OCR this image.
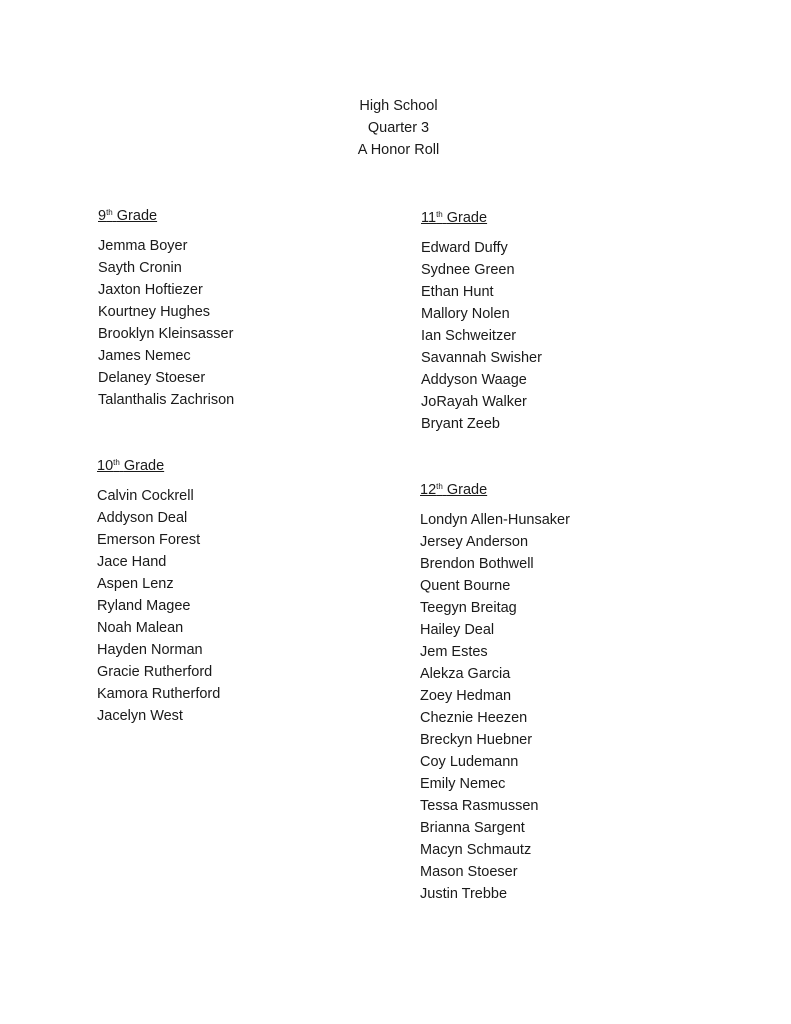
High School
Quarter 3
A Honor Roll
9th Grade
Jemma Boyer
Sayth Cronin
Jaxton Hoftiezer
Kourtney Hughes
Brooklyn Kleinsasser
James Nemec
Delaney Stoeser
Talanthalis Zachrison
10th Grade
Calvin Cockrell
Addyson Deal
Emerson Forest
Jace Hand
Aspen Lenz
Ryland Magee
Noah Malean
Hayden Norman
Gracie Rutherford
Kamora Rutherford
Jacelyn West
11th Grade
Edward Duffy
Sydnee Green
Ethan Hunt
Mallory Nolen
Ian Schweitzer
Savannah Swisher
Addyson Waage
JoRayah Walker
Bryant Zeeb
12th Grade
Londyn Allen-Hunsaker
Jersey Anderson
Brendon Bothwell
Quent Bourne
Teegyn Breitag
Hailey Deal
Jem Estes
Alekza Garcia
Zoey Hedman
Cheznie Heezen
Breckyn Huebner
Coy Ludemann
Emily Nemec
Tessa Rasmussen
Brianna Sargent
Macyn Schmautz
Mason Stoeser
Justin Trebbe
